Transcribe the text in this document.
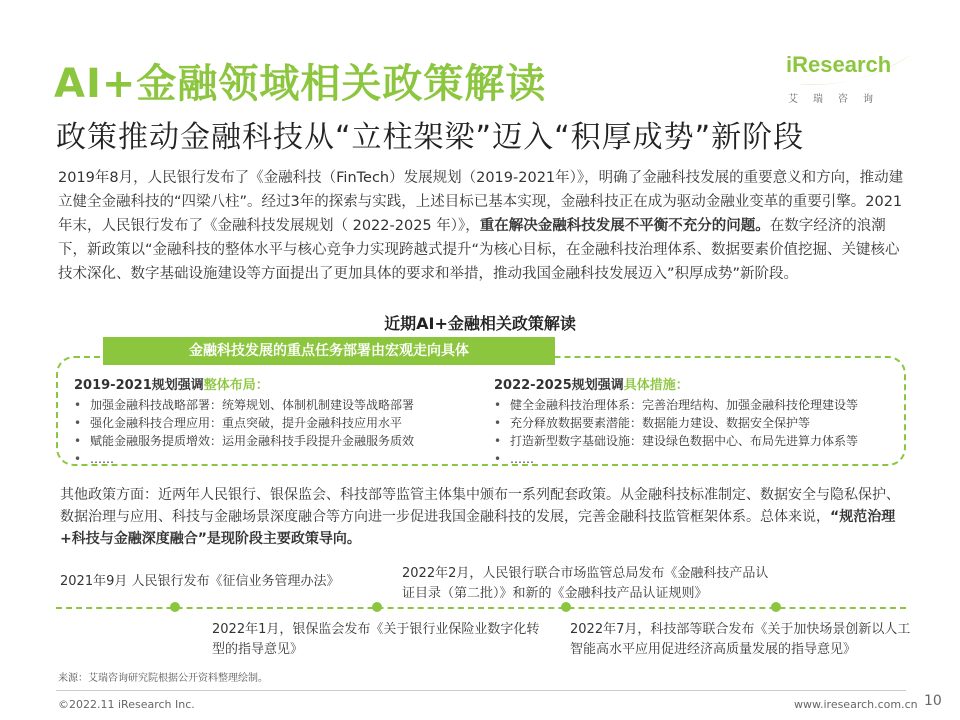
AI+金融领域相关政策解读	iResearch
艾瑞咨询
政策推动金融科技从“立柱架梁”迈入“积厚成势”新阶段

2019年8月，人民银行发布了《金融科技（FinTech）发展规划（2019-2021年）》，明确了金融科技发展的重要意义和方向，推动建立健全金融科技的“四梁八柱”。经过3年的探索与实践，上述目标已基本实现，金融科技正在成为驱动金融业变革的重要引擎。2021年末，人民银行发布了《金融科技发展规划（ 2022-2025 年）》，重在解决金融科技发展不平衡不充分的问题。在数字经济的浪潮下，新政策以“金融科技的整体水平与核心竞争力实现跨越式提升“为核心目标，在金融科技治理体系、数据要素价值挖掘、关键核心技术深化、数字基础设施建设等方面提出了更加具体的要求和举措，推动我国金融科技发展迈入”积厚成势”新阶段。

近期AI+金融相关政策解读
金融科技发展的重点任务部署由宏观走向具体
2019-2021规划强调整体布局：
• 加强金融科技战略部署：统筹规划、体制机制建设等战略部署
• 强化金融科技合理应用：重点突破，提升金融科技应用水平
• 赋能金融服务提质增效：运用金融科技手段提升金融服务质效
• ……
2022-2025规划强调具体措施：
• 健全金融科技治理体系：完善治理结构、加强金融科技伦理建设等
• 充分释放数据要素潜能：数据能力建设、数据安全保护等
• 打造新型数字基础设施：建设绿色数据中心、布局先进算力体系等
• ……

其他政策方面：近两年人民银行、银保监会、科技部等监管主体集中颁布一系列配套政策。从金融科技标准制定、数据安全与隐私保护、数据治理与应用、科技与金融场景深度融合等方向进一步促进我国金融科技的发展，完善金融科技监管框架体系。总体来说，“规范治理+科技与金融深度融合”是现阶段主要政策导向。

2021年9月 人民银行发布《征信业务管理办法》
2022年1月，银保监会发布《关于银行业保险业数字化转型的指导意见》
2022年2月，人民银行联合市场监管总局发布《金融科技产品认证目录（第二批）》和新的《金融科技产品认证规则》
2022年7月，科技部等联合发布《关于加快场景创新以人工智能高水平应用促进经济高质量发展的指导意见》
来源：艾瑞咨询研究院根据公开资料整理绘制。
©2022.11 iResearch Inc.	www.iresearch.com.cn 10
